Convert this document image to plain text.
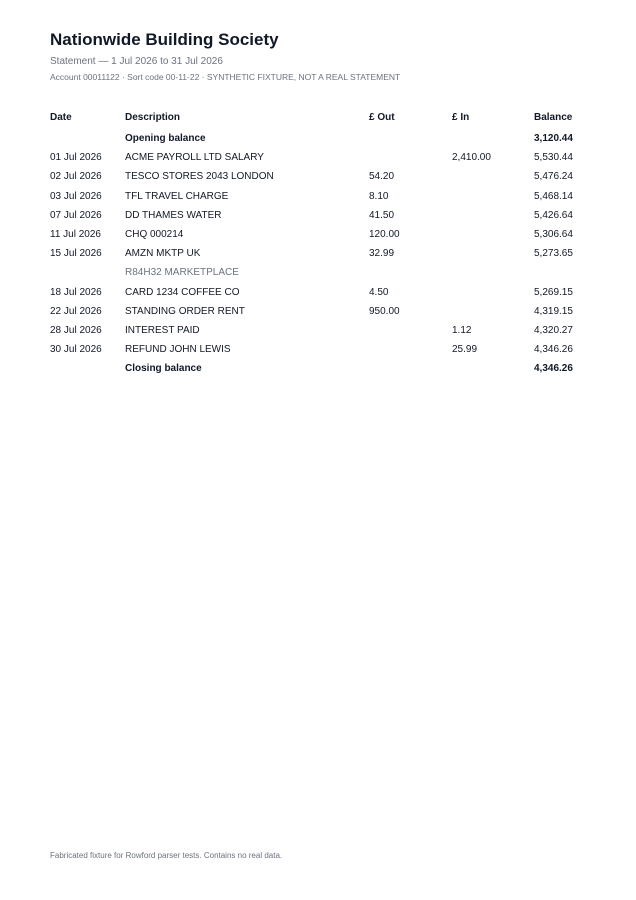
Nationwide Building Society
Statement — 1 Jul 2026 to 31 Jul 2026
Account 00011122 · Sort code 00-11-22 · SYNTHETIC FIXTURE, NOT A REAL STATEMENT
Date	Description	£ Out	£ In	Balance
	Opening balance			3,120.44
01 Jul 2026	ACME PAYROLL LTD SALARY		2,410.00	5,530.44
02 Jul 2026	TESCO STORES 2043 LONDON	54.20		5,476.24
03 Jul 2026	TFL TRAVEL CHARGE	8.10		5,468.14
07 Jul 2026	DD THAMES WATER	41.50		5,426.64
11 Jul 2026	CHQ 000214	120.00		5,306.64
15 Jul 2026	AMZN MKTP UK	32.99		5,273.65
	R84H32 MARKETPLACE			
18 Jul 2026	CARD 1234 COFFEE CO	4.50		5,269.15
22 Jul 2026	STANDING ORDER RENT	950.00		4,319.15
28 Jul 2026	INTEREST PAID		1.12	4,320.27
30 Jul 2026	REFUND JOHN LEWIS		25.99	4,346.26
	Closing balance			4,346.26
Fabricated fixture for Rowford parser tests. Contains no real data.
